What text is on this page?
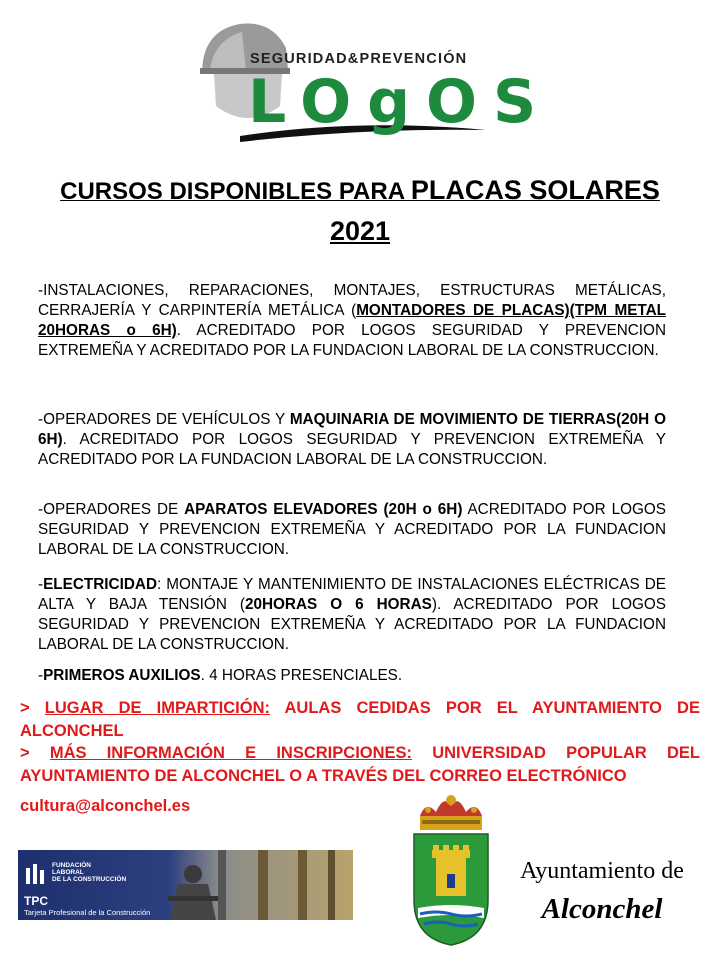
SEGURIDAD&PREVENCIÓN
LOgOS
CURSOS DISPONIBLES PARA PLACAS SOLARES
2021
-INSTALACIONES, REPARACIONES, MONTAJES, ESTRUCTURAS METÁLICAS, CERRAJERÍA Y CARPINTERÍA METÁLICA (MONTADORES DE PLACAS)(TPM METAL 20HORAS o 6H). ACREDITADO POR LOGOS SEGURIDAD Y PREVENCION EXTREMEÑA Y ACREDITADO POR LA FUNDACION LABORAL DE LA CONSTRUCCION.
-OPERADORES DE VEHÍCULOS Y MAQUINARIA DE MOVIMIENTO DE TIERRAS(20H O 6H). ACREDITADO POR LOGOS SEGURIDAD Y PREVENCION EXTREMEÑA Y ACREDITADO POR LA FUNDACION LABORAL DE LA CONSTRUCCION.
-OPERADORES DE APARATOS ELEVADORES (20H o 6H) ACREDITADO POR LOGOS SEGURIDAD Y PREVENCION EXTREMEÑA Y ACREDITADO POR LA FUNDACION LABORAL DE LA CONSTRUCCION.
-ELECTRICIDAD: MONTAJE Y MANTENIMIENTO DE INSTALACIONES ELÉCTRICAS DE ALTA Y BAJA TENSIÓN (20HORAS O 6 HORAS). ACREDITADO POR LOGOS SEGURIDAD Y PREVENCION EXTREMEÑA Y ACREDITADO POR LA FUNDACION LABORAL DE LA CONSTRUCCION.
-PRIMEROS AUXILIOS. 4 HORAS PRESENCIALES.
> LUGAR DE IMPARTICIÓN: AULAS CEDIDAS POR EL AYUNTAMIENTO DE ALCONCHEL
> MÁS INFORMACIÓN E INSCRIPCIONES: UNIVERSIDAD POPULAR DEL AYUNTAMIENTO DE ALCONCHEL O A TRAVÉS DEL CORREO ELECTRÓNICO
cultura@alconchel.es
FUNDACIÓN
LABORAL
DE LA CONSTRUCCIÓN
TPC
Tarjeta Profesional de la Construcción
Ayuntamiento de
Alconchel
